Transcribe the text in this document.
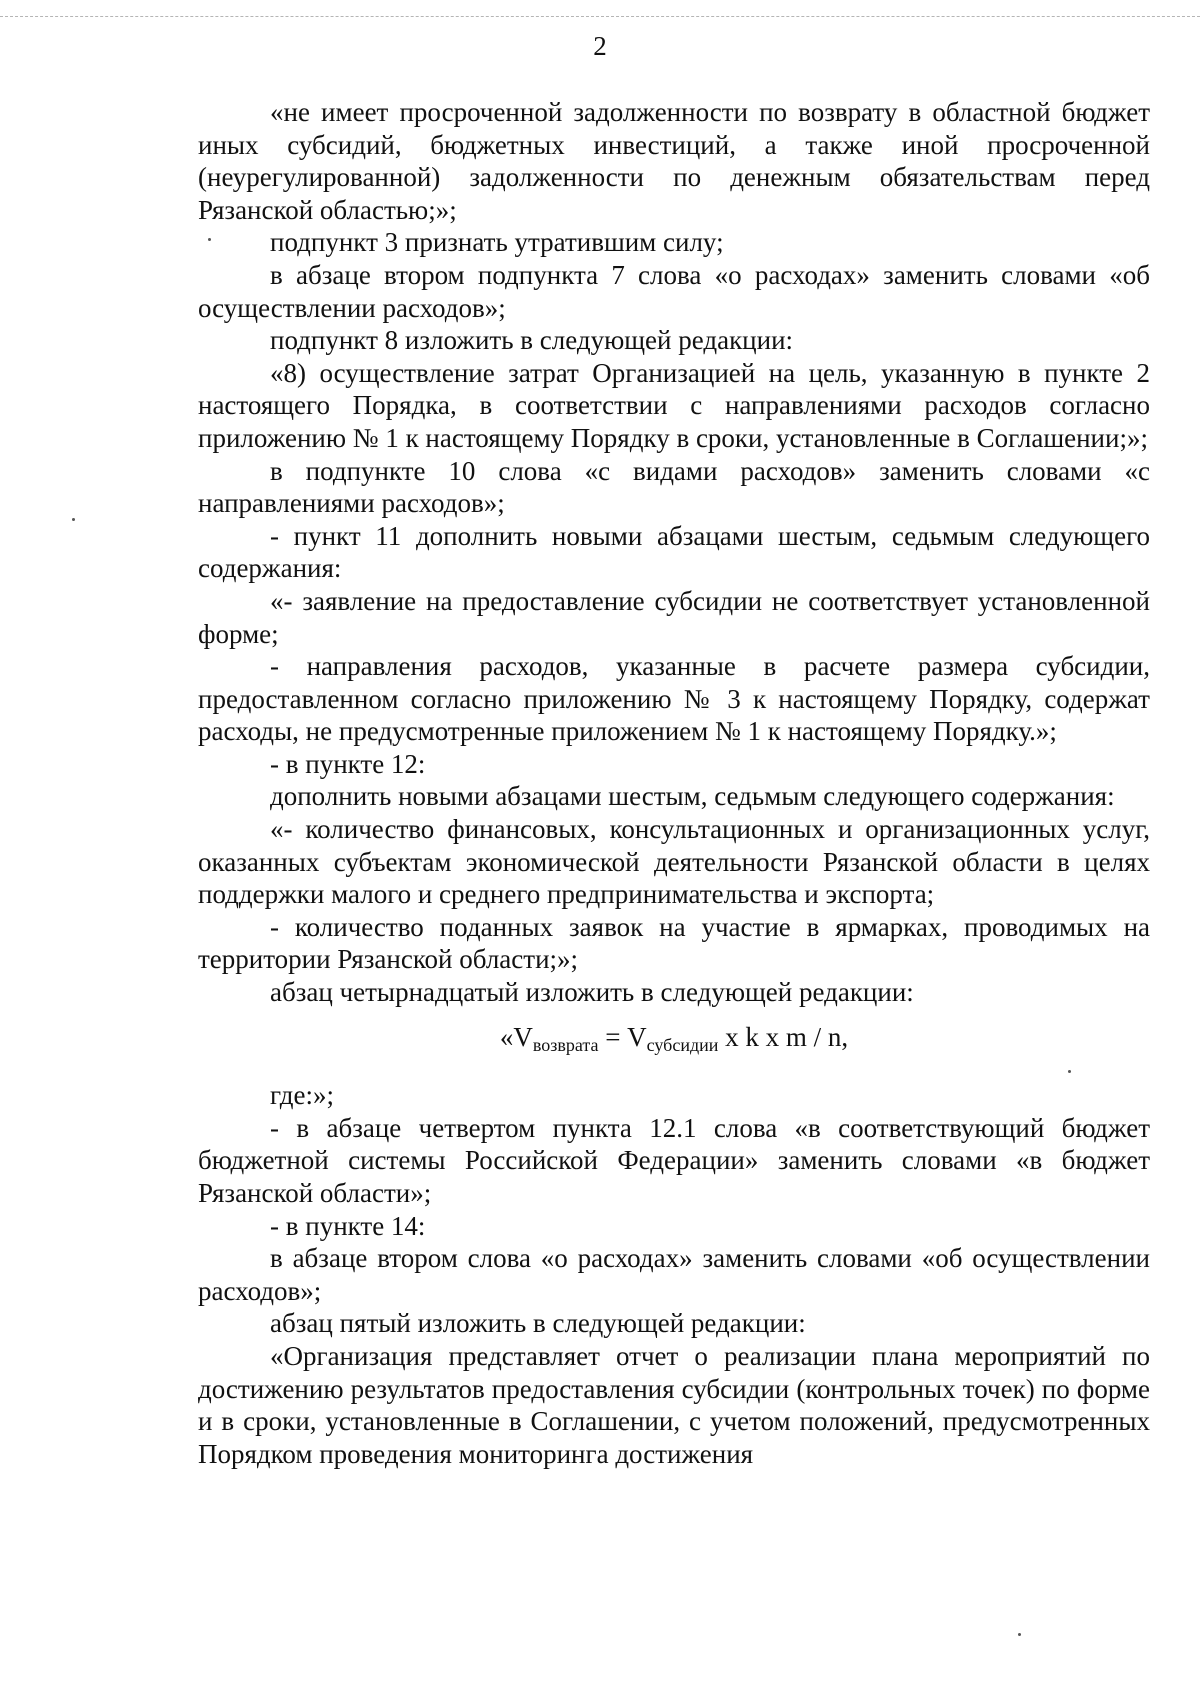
2

«не имеет просроченной задолженности по возврату в областной бюджет иных субсидий, бюджетных инвестиций, а также иной просроченной (неурегулированной) задолженности по денежным обязательствам перед Рязанской областью;»;

подпункт 3 признать утратившим силу;

в абзаце втором подпункта 7 слова «о расходах» заменить словами «об осуществлении расходов»;

подпункт 8 изложить в следующей редакции:

«8) осуществление затрат Организацией на цель, указанную в пункте 2 настоящего Порядка, в соответствии с направлениями расходов согласно приложению № 1 к настоящему Порядку в сроки, установленные в Соглашении;»;

в подпункте 10 слова «с видами расходов» заменить словами «с направлениями расходов»;

- пункт 11 дополнить новыми абзацами шестым, седьмым следующего содержания:

«- заявление на предоставление субсидии не соответствует установленной форме;

- направления расходов, указанные в расчете размера субсидии, предоставленном согласно приложению № 3 к настоящему Порядку, содержат расходы, не предусмотренные приложением № 1 к настоящему Порядку.»;

- в пункте 12:

дополнить новыми абзацами шестым, седьмым следующего содержания:

«- количество финансовых, консультационных и организационных услуг, оказанных субъектам экономической деятельности Рязанской области в целях поддержки малого и среднего предпринимательства и экспорта;

- количество поданных заявок на участие в ярмарках, проводимых на территории Рязанской области;»;

абзац четырнадцатый изложить в следующей редакции:

«$V_{возврата} = V_{субсидии}$ x k x m / n,

где:»;

- в абзаце четвертом пункта 12.1 слова «в соответствующий бюджет бюджетной системы Российской Федерации» заменить словами «в бюджет Рязанской области»;

- в пункте 14:

в абзаце втором слова «о расходах» заменить словами «об осуществлении расходов»;

абзац пятый изложить в следующей редакции:

«Организация представляет отчет о реализации плана мероприятий по достижению результатов предоставления субсидии (контрольных точек) по форме и в сроки, установленные в Соглашении, с учетом положений, предусмотренных Порядком проведения мониторинга достижения
